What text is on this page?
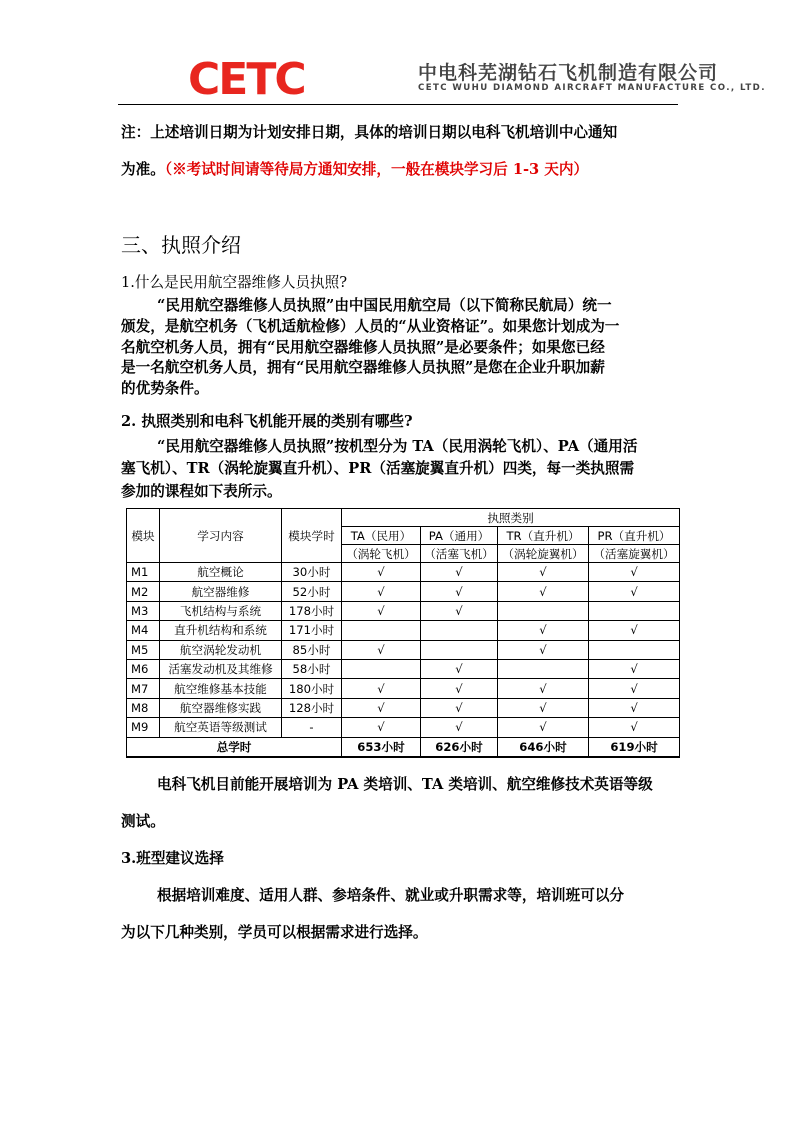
CETC	中电科芜湖钻石飞机制造有限公司
CETC WUHU DIAMOND AIRCRAFT MANUFACTURE CO., LTD.
注：上述培训日期为计划安排日期，具体的培训日期以电科飞机培训中心通知
为准。（※考试时间请等待局方通知安排，一般在模块学习后 1-3 天内）
三、执照介绍
1.什么是民用航空器维修人员执照?
“民用航空器维修人员执照”由中国民用航空局（以下简称民航局）统一
颁发，是航空机务（飞机适航检修）人员的“从业资格证”。如果您计划成为一
名航空机务人员，拥有“民用航空器维修人员执照”是必要条件；如果您已经
是一名航空机务人员，拥有“民用航空器维修人员执照”是您在企业升职加薪
的优势条件。
2. 执照类别和电科飞机能开展的类别有哪些?
“民用航空器维修人员执照”按机型分为 TA（民用涡轮飞机）、PA（通用活
塞飞机）、TR（涡轮旋翼直升机）、PR（活塞旋翼直升机）四类，每一类执照需
参加的课程如下表所示。
模块	学习内容	模块学时	执照类别			
			TA（民用）	PA（通用）	TR（直升机）	PR（直升机）
			（涡轮飞机）	（活塞飞机）	（涡轮旋翼机）	（活塞旋翼机）
M1	航空概论	30小时	√	√	√	√
M2	航空器维修	52小时	√	√	√	√
M3	飞机结构与系统	178小时	√	√		
M4	直升机结构和系统	171小时			√	√
M5	航空涡轮发动机	85小时	√		√	
M6	活塞发动机及其维修	58小时		√		√
M7	航空维修基本技能	180小时	√	√	√	√
M8	航空器维修实践	128小时	√	√	√	√
M9	航空英语等级测试	-	√	√	√	√
总学时			653小时	626小时	646小时	619小时
电科飞机目前能开展培训为 PA 类培训、TA 类培训、航空维修技术英语等级
测试。
3.班型建议选择
根据培训难度、适用人群、参培条件、就业或升职需求等，培训班可以分
为以下几种类别，学员可以根据需求进行选择。
